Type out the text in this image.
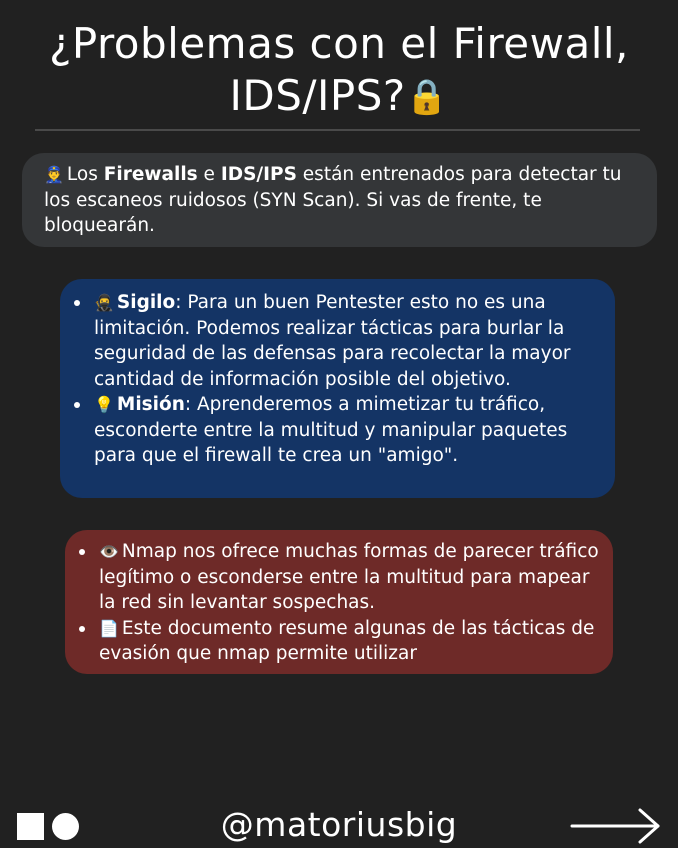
¿Problemas con el Firewall,
IDS/IPS?🔒
👮‍♂️ Los Firewalls e IDS/IPS están entrenados para detectar tu los escaneos ruidosos (SYN Scan). Si vas de frente, te bloquearán.
🥷 Sigilo: Para un buen Pentester esto no es una limitación. Podemos realizar tácticas para burlar la seguridad de las defensas para recolectar la mayor cantidad de información posible del objetivo.
💡 Misión: Aprenderemos a mimetizar tu tráfico, esconderte entre la multitud y manipular paquetes para que el firewall te crea un "amigo".
👁️ Nmap nos ofrece muchas formas de parecer tráfico legítimo o esconderse entre la multitud para mapear la red sin levantar sospechas.
📄 Este documento resume algunas de las tácticas de evasión que nmap permite utilizar
@matoriusbig
